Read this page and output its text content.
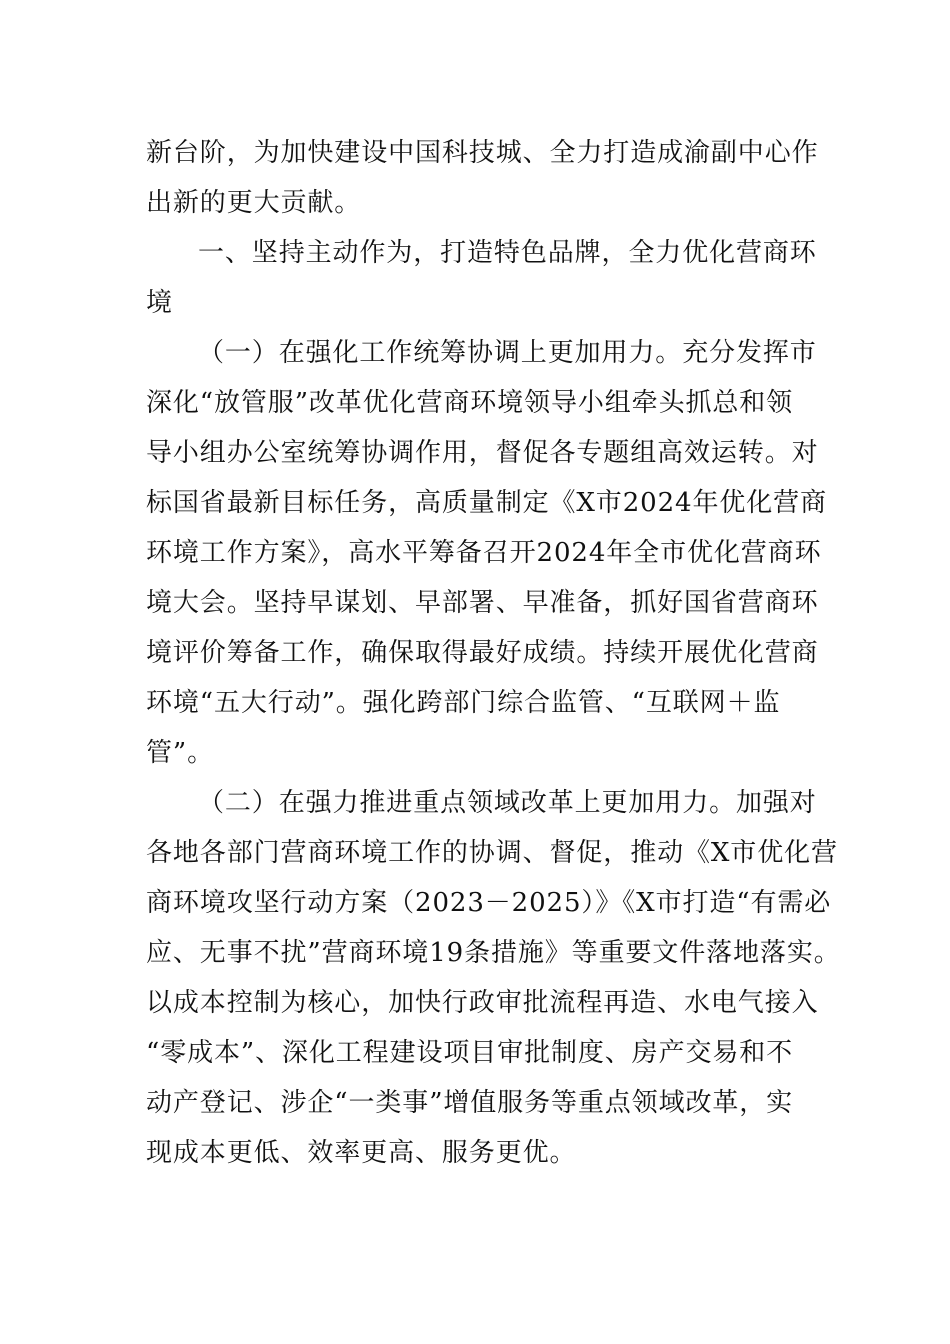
新台阶，为加快建设中国科技城、全力打造成渝副中心作
出新的更大贡献。
一、坚持主动作为，打造特色品牌，全力优化营商环
境
（一）在强化工作统筹协调上更加用力。充分发挥市
深化“放管服”改革优化营商环境领导小组牵头抓总和领
导小组办公室统筹协调作用，督促各专题组高效运转。对
标国省最新目标任务，高质量制定《X市2024年优化营商
环境工作方案》，高水平筹备召开2024年全市优化营商环
境大会。坚持早谋划、早部署、早准备，抓好国省营商环
境评价筹备工作，确保取得最好成绩。持续开展优化营商
环境“五大行动”。强化跨部门综合监管、“互联网＋监
管”。
（二）在强力推进重点领域改革上更加用力。加强对
各地各部门营商环境工作的协调、督促，推动《X市优化营
商环境攻坚行动方案（2023－2025）》《X市打造“有需必
应、无事不扰”营商环境19条措施》等重要文件落地落实。
以成本控制为核心，加快行政审批流程再造、水电气接入
“零成本”、深化工程建设项目审批制度、房产交易和不
动产登记、涉企“一类事”增值服务等重点领域改革，实
现成本更低、效率更高、服务更优。
